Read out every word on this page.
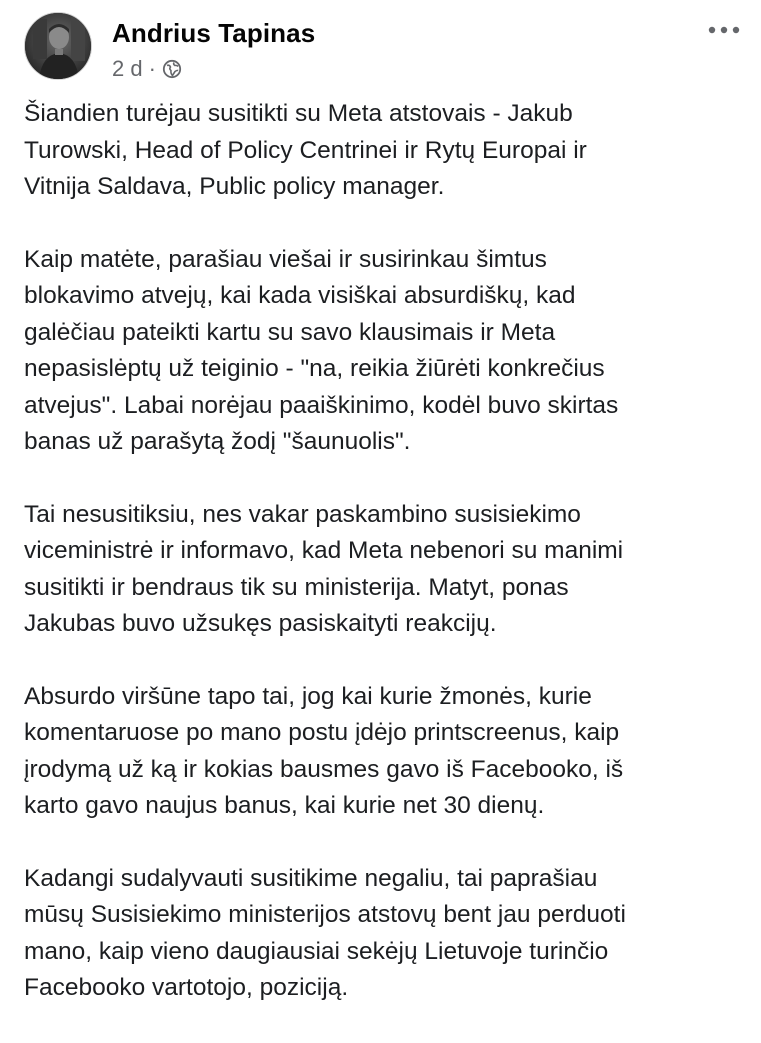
Andrius Tapinas
2 d ·

Šiandien turėjau susitikti su Meta atstovais - Jakub
Turowski, Head of Policy Centrinei ir Rytų Europai ir
Vitnija Saldava, Public policy manager.

Kaip matėte, parašiau viešai ir susirinkau šimtus
blokavimo atvejų, kai kada visiškai absurdiškų, kad
galėčiau pateikti kartu su savo klausimais ir Meta
nepasislėptų už teiginio - "na, reikia žiūrėti konkrečius
atvejus". Labai norėjau paaiškinimo, kodėl buvo skirtas
banas už parašytą žodį "šaunuolis".

Tai nesusitiksiu, nes vakar paskambino susisiekimo
viceministrė ir informavo, kad Meta nebenori su manimi
susitikti ir bendraus tik su ministerija. Matyt, ponas
Jakubas buvo užsukęs pasiskaityti reakcijų.

Absurdo viršūne tapo tai, jog kai kurie žmonės, kurie
komentaruose po mano postu įdėjo printscreenus, kaip
įrodymą už ką ir kokias bausmes gavo iš Facebooko, iš
karto gavo naujus banus, kai kurie net 30 dienų.

Kadangi sudalyvauti susitikime negaliu, tai paprašiau
mūsų Susisiekimo ministerijos atstovų bent jau perduoti
mano, kaip vieno daugiausiai sekėjų Lietuvoje turinčio
Facebooko vartotojo, poziciją.
